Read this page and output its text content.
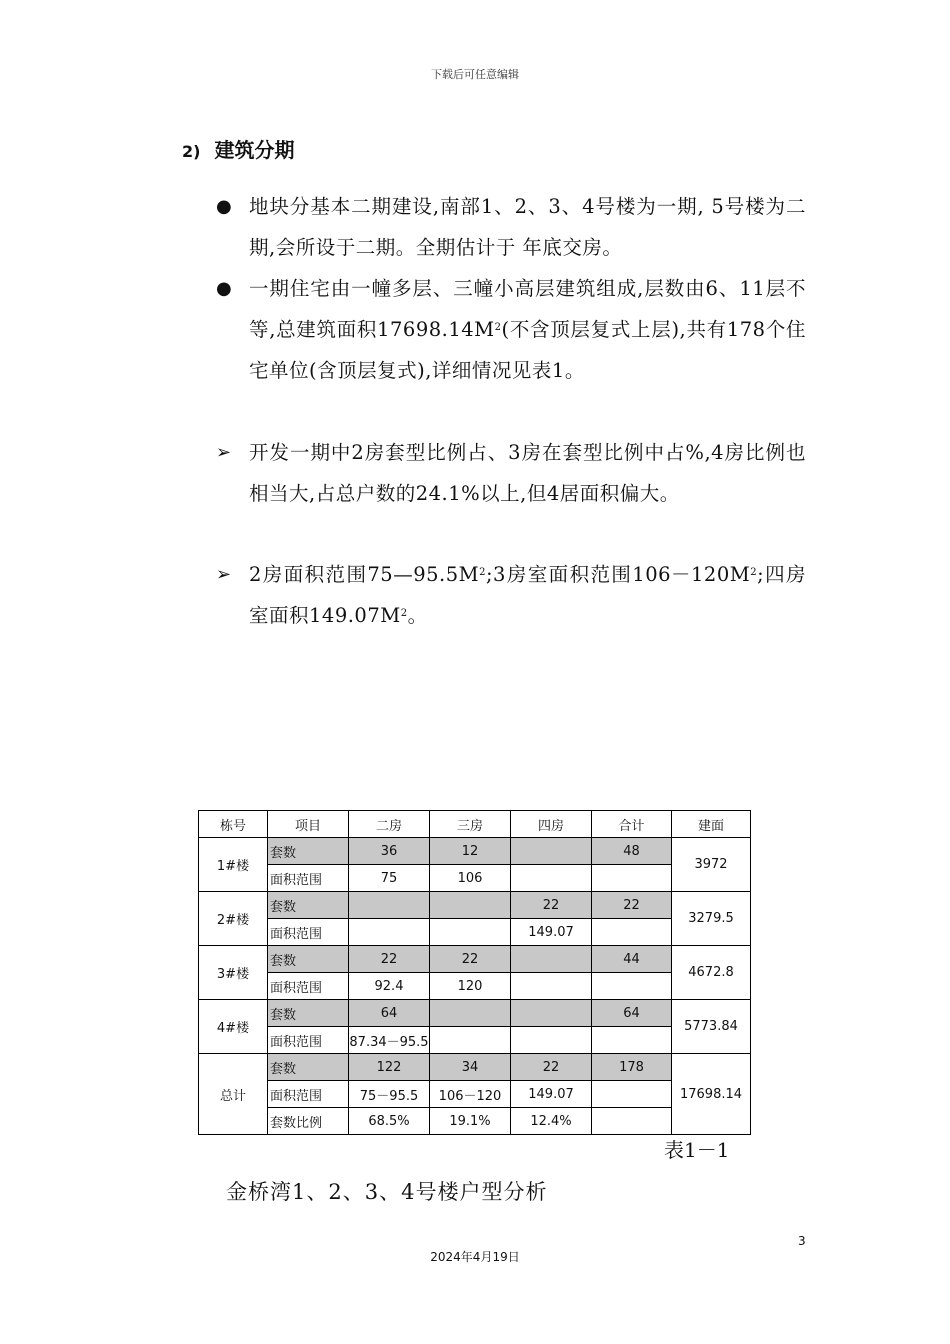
下载后可任意编辑
2) 建筑分期
● 地块分基本二期建设,南部1、2、3、4号楼为一期, 5号楼为二期,会所设于二期。全期估计于 年底交房。
● 一期住宅由一幢多层、三幢小高层建筑组成,层数由6、11层不等,总建筑面积$17698.14M^2$(不含顶层复式上层),共有178个住宅单位(含顶层复式),详细情况见表1。
➢ 开发一期中2房套型比例占、3房在套型比例中占%,4房比例也相当大,占总户数的24.1%以上,但4居面积偏大。
➢ 2房面积范围$75—95.5M^2;3$房室面积范围$106-120M^2$;四房室面积$149.07M^2$。
栋号	项目	二房	三房	四房	合计	建面
1#楼	套数	36	12		48	3972
	面积范围	75	106			
2#楼	套数			22	22	3279.5
	面积范围			149.07		
3#楼	套数	22	22		44	4672.8
	面积范围	92.4	120			
4#楼	套数	64			64	5773.84
	面积范围	87.34－95.5				
总计	套数	122	34	22	178	17698.14
	面积范围	75－95.5	106－120	149.07		
	套数比例	68.5%	19.1%	12.4%		
表1－1
金桥湾1、2、3、4号楼户型分析
3
2024年4月19日
